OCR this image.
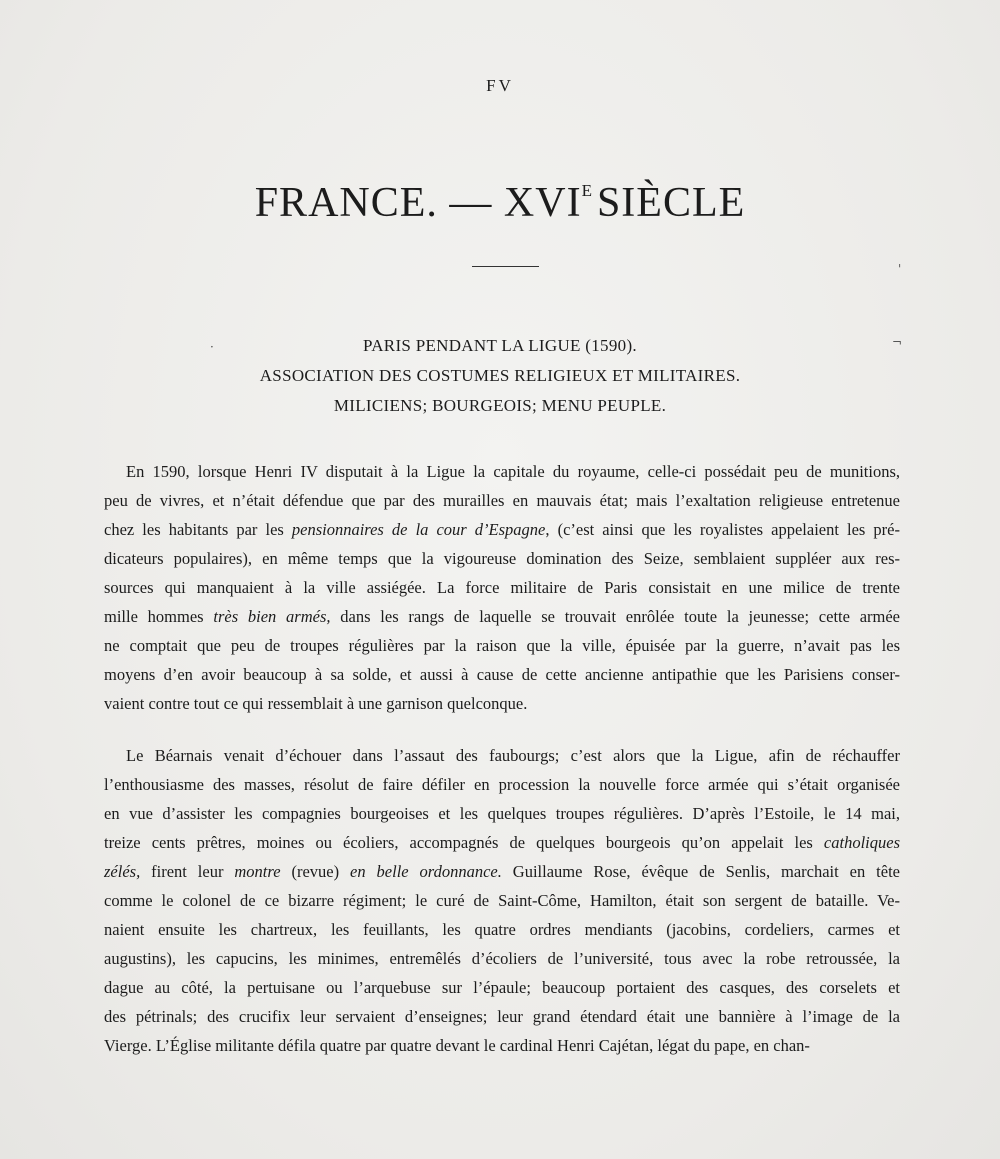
FV
FRANCE. — $XVI^ESIÈCLE$
PARIS PENDANT LA LIGUE (1590).
ASSOCIATION DES COSTUMES RELIGIEUX ET MILITAIRES.
MILICIENS; BOURGEOIS; MENU PEUPLE.
En 1590, lorsque Henri IV disputait à la Ligue la capitale du royaume, celle-ci possédait peu de munitions,
peu de vivres, et n’était défendue que par des murailles en mauvais état; mais l’exaltation religieuse entretenue
chez les habitants par les pensionnaires de la cour d’Espagne, (c’est ainsi que les royalistes appelaient les pré-
dicateurs populaires), en même temps que la vigoureuse domination des Seize, semblaient suppléer aux res-
sources qui manquaient à la ville assiégée. La force militaire de Paris consistait en une milice de trente
mille hommes très bien armés, dans les rangs de laquelle se trouvait enrôlée toute la jeunesse; cette armée
ne comptait que peu de troupes régulières par la raison que la ville, épuisée par la guerre, n’avait pas les
moyens d’en avoir beaucoup à sa solde, et aussi à cause de cette ancienne antipathie que les Parisiens conser-
vaient contre tout ce qui ressemblait à une garnison quelconque.
Le Béarnais venait d’échouer dans l’assaut des faubourgs; c’est alors que la Ligue, afin de réchauffer
l’enthousiasme des masses, résolut de faire défiler en procession la nouvelle force armée qui s’était organisée
en vue d’assister les compagnies bourgeoises et les quelques troupes régulières. D’après l’Estoile, le 14 mai,
treize cents prêtres, moines ou écoliers, accompagnés de quelques bourgeois qu’on appelait les catholiques
zélés, firent leur montre (revue) en belle ordonnance. Guillaume Rose, évêque de Senlis, marchait en tête
comme le colonel de ce bizarre régiment; le curé de Saint-Côme, Hamilton, était son sergent de bataille. Ve-
naient ensuite les chartreux, les feuillants, les quatre ordres mendiants (jacobins, cordeliers, carmes et
augustins), les capucins, les minimes, entremêlés d’écoliers de l’université, tous avec la robe retroussée, la
dague au côté, la pertuisane ou l’arquebuse sur l’épaule; beaucoup portaient des casques, des corselets et
des pétrinals; des crucifix leur servaient d’enseignes; leur grand étendard était une bannière à l’image de la
Vierge. L’Église militante défila quatre par quatre devant le cardinal Henri Cajétan, légat du pape, en chan-
·	¬
'
